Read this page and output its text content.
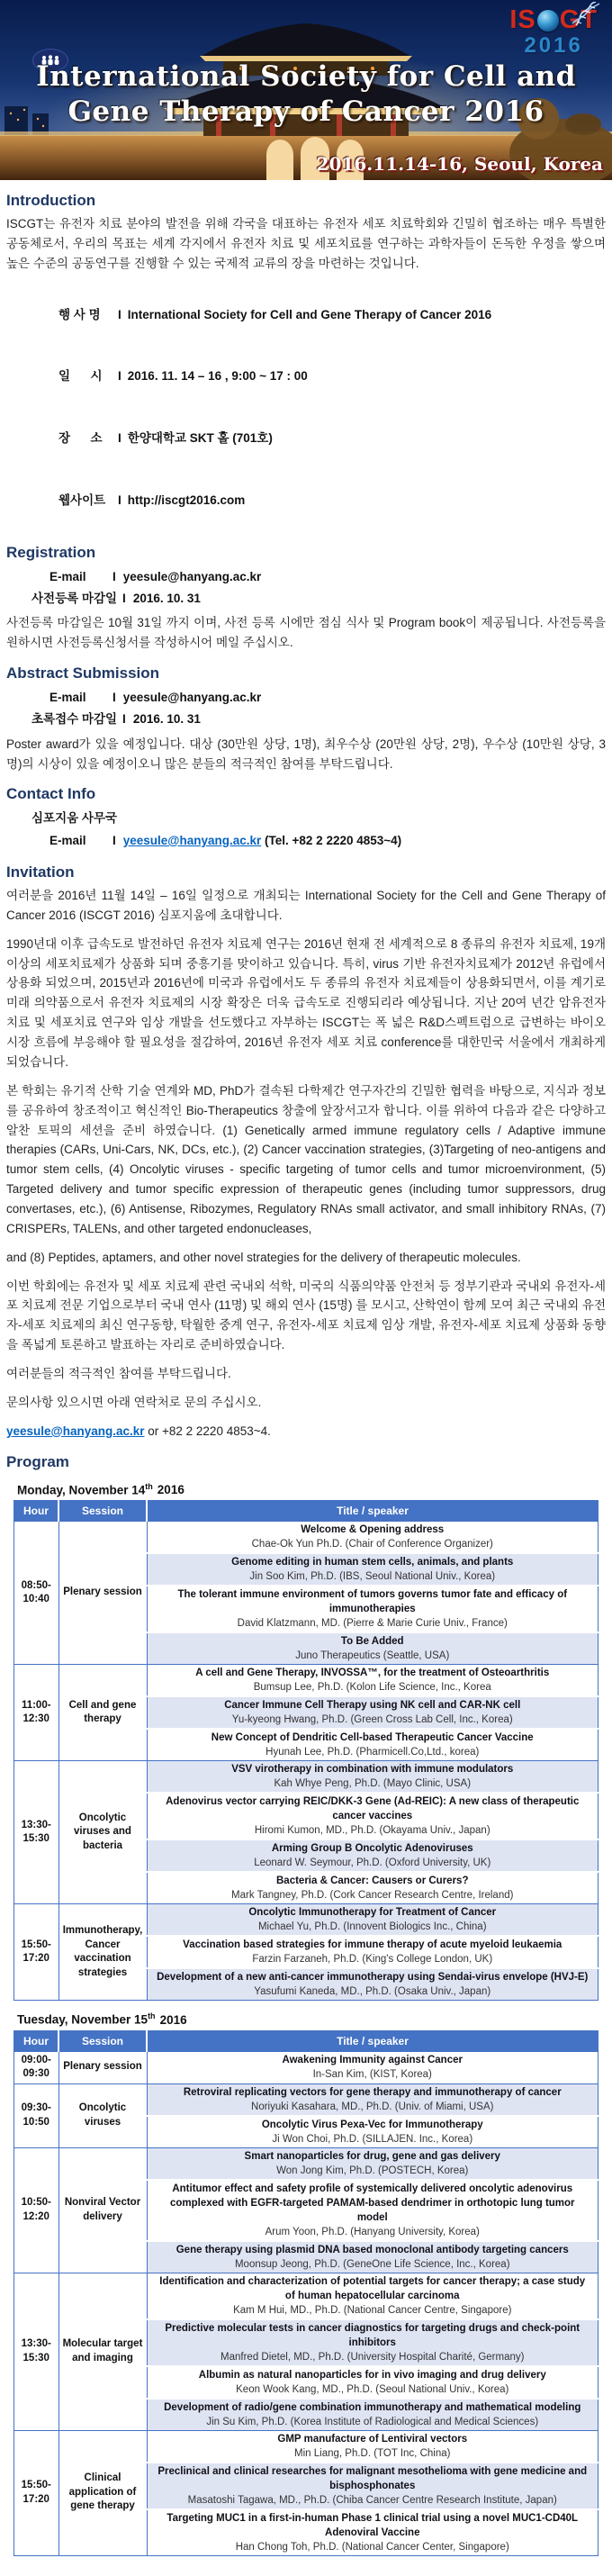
IS GT
2016
International Society for Cell and
Gene Therapy of Cancer 2016
2016.11.14-16, Seoul, Korea
Introduction

ISCGT는 유전자 치료 분야의 발전을 위해 각국을 대표하는 유전자 세포 치료학회와 긴밀히 협조하는 매우 특별한 공동체로서, 우리의 목표는 세계 각지에서 유전자 치료 및 세포치료를 연구하는 과학자들이 돈독한 우정을 쌓으며 높은 수준의 공동연구를 진행할 수 있는 국제적 교류의 장을 마련하는 것입니다.

행 사 명 I International Society for Cell and Gene Therapy of Cancer 2016

일      시 I 2016. 11. 14 – 16 , 9:00 ~ 17 : 00

장      소 I 한양대학교 SKT 홀 (701호)

웹사이트 I http://iscgt2016.com

Registration
E-mail I yeesule@hanyang.ac.kr
사전등록 마감일 I 2016. 10. 31

사전등록 마감일은 10월 31일 까지 이며, 사전 등록 시에만 점심 식사 및 Program book이 제공됩니다. 사전등록을 원하시면 사전등록신청서를 작성하시어 메일 주십시오.

Abstract Submission
E-mail I yeesule@hanyang.ac.kr
초록접수 마감일 I 2016. 10. 31

Poster award가 있을 예정입니다. 대상 (30만원 상당, 1명), 최우수상 (20만원 상당, 2명), 우수상 (10만원 상당, 3명)의 시상이 있을 예정이오니 많은 분들의 적극적인 참여를 부탁드립니다.

Contact Info
심포지움 사무국
E-mail I yeesule@hanyang.ac.kr (Tel. +82 2 2220 4853~4)
Invitation

여러분을 2016년 11월 14일 – 16일 일정으로 개최되는 International Society for the Cell and Gene Therapy of Cancer 2016 (ISCGT 2016) 심포지움에 초대합니다.

1990년대 이후 급속도로 발전하던 유전자 치료제 연구는 2016년 현재 전 세계적으로 8 종류의 유전자 치료제, 19개 이상의 세포치료제가 상품화 되며 중흥기를 맞이하고 있습니다. 특히, virus 기반 유전자치료제가 2012년 유럽에서 상용화 되었으며, 2015년과 2016년에 미국과 유럽에서도 두 종류의 유전자 치료제들이 상용화되면서, 이를 계기로 미래 의약품으로서 유전자 치료제의 시장 확장은 더욱 급속도로 진행되리라 예상됩니다. 지난 20여 년간 암유전자치료 및 세포치료 연구와 임상 개발을 선도했다고 자부하는 ISCGT는 폭 넓은 R&D스펙트럼으로 급변하는 바이오 시장 흐름에 부응해야 할 필요성을 절감하여, 2016년 유전자 세포 치료 conference를 대한민국 서울에서 개최하게 되었습니다.

본 학회는 유기적 산학 기술 연계와 MD, PhD가 결속된 다학제간 연구자간의 긴밀한 협력을 바탕으로, 지식과 정보를 공유하여 창조적이고 혁신적인 Bio-Therapeutics 창출에 앞장서고자 합니다. 이를 위하여 다음과 같은 다양하고 알찬 토픽의 세션을 준비 하였습니다. (1) Genetically armed immune regulatory cells / Adaptive immune therapies (CARs, Uni-Cars, NK, DCs, etc.), (2) Cancer vaccination strategies, (3)Targeting of neo-antigens and tumor stem cells, (4) Oncolytic viruses - specific targeting of tumor cells and tumor microenvironment, (5) Targeted delivery and tumor specific expression of therapeutic genes (including tumor suppressors, drug convertases, etc.), (6) Antisense, Ribozymes, Regulatory RNAs small activator, and small inhibitory RNAs, (7) CRISPERs, TALENs, and other targeted endonucleases,

and (8) Peptides, aptamers, and other novel strategies for the delivery of therapeutic molecules.

이번 학회에는 유전자 및 세포 치료제 관련 국내외 석학, 미국의 식품의약품 안전처 등 정부기관과 국내외 유전자-세포 치료제 전문 기업으로부터 국내 연사 (11명) 및 해외 연사 (15명) 를 모시고, 산학연이 함께 모여 최근 국내외 유전자-세포 치료제의 최신 연구동향, 탁월한 중계 연구, 유전자-세포 치료제 임상 개발, 유전자-세포 치료제 상품화 동향을 폭넓게 토론하고 발표하는 자리로 준비하였습니다.

여러분들의 적극적인 참여를 부탁드립니다.

문의사항 있으시면 아래 연락처로 문의 주십시오.

yeesule@hanyang.ac.kr or +82 2 2220 4853~4.

Program
Monday, November 14th 2016
Hour	Session	Title / speaker
08:50-10:40	Plenary session	Welcome & Opening address
Chae-Ok Yun Ph.D. (Chair of Conference Organizer)

		Genome editing in human stem cells, animals, and plants
Jin Soo Kim, Ph.D. (IBS, Seoul National Univ., Korea)

		The tolerant immune environment of tumors governs tumor fate and efficacy of immunotherapies
David Klatzmann, MD. (Pierre & Marie Curie Univ., France)

		To Be Added
Juno Therapeutics (Seattle, USA)

11:00-12:30	Cell and gene therapy	A cell and Gene Therapy, INVOSSA™, for the treatment of Osteoarthritis
Bumsup Lee, Ph.D. (Kolon Life Science, Inc., Korea

		Cancer Immune Cell Therapy using NK cell and CAR-NK cell
Yu-kyeong Hwang, Ph.D. (Green Cross Lab Cell, Inc., Korea)

		New Concept of Dendritic Cell-based Therapeutic Cancer Vaccine
Hyunah Lee, Ph.D. (Pharmicell.Co,Ltd., korea)

13:30-15:30	Oncolytic viruses and bacteria	VSV virotherapy in combination with immune modulators
Kah Whye Peng, Ph.D. (Mayo Clinic, USA)

		Adenovirus vector carrying REIC/DKK-3 Gene (Ad-REIC): A new class of therapeutic cancer vaccines
Hiromi Kumon, MD., Ph.D. (Okayama Univ., Japan)

		Arming Group B Oncolytic Adenoviruses
Leonard W. Seymour, Ph.D. (Oxford University, UK)

		Bacteria & Cancer: Causers or Curers?
Mark Tangney, Ph.D. (Cork Cancer Research Centre, Ireland)

15:50-17:20	Immunotherapy, Cancer vaccination strategies	Oncolytic Immunotherapy for Treatment of Cancer
Michael Yu, Ph.D. (Innovent Biologics Inc., China)

		Vaccination based strategies for immune therapy of acute myeloid leukaemia
Farzin Farzaneh, Ph.D. (King's College London, UK)

		Development of a new anti-cancer immunotherapy using Sendai-virus envelope (HVJ-E)
Yasufumi Kaneda, MD., Ph.D. (Osaka Univ., Japan)
Tuesday, November 15th 2016
Hour	Session	Title / speaker
09:00-09:30	Plenary session	Awakening Immunity against Cancer
In-San Kim, (KIST, Korea)

09:30-10:50	Oncolytic viruses	Retroviral replicating vectors for gene therapy and immunotherapy of cancer
Noriyuki Kasahara, MD., Ph.D. (Univ. of Miami, USA)

		Oncolytic Virus Pexa-Vec for Immunotherapy
Ji Won Choi, Ph.D. (SILLAJEN. Inc., Korea)

10:50-12:20	Nonviral Vector delivery	Smart nanoparticles for drug, gene and gas delivery
Won Jong Kim, Ph.D. (POSTECH, Korea)

		Antitumor effect and safety profile of systemically delivered oncolytic adenovirus complexed with EGFR-targeted PAMAM-based dendrimer in orthotopic lung tumor model
Arum Yoon, Ph.D. (Hanyang University, Korea)

		Gene therapy using plasmid DNA based monoclonal antibody targeting cancers
Moonsup Jeong, Ph.D. (GeneOne Life Science, Inc., Korea)

13:30-15:30	Molecular target and imaging	Identification and characterization of potential targets for cancer therapy; a case study of human hepatocellular carcinoma
Kam M Hui, MD., Ph.D. (National Cancer Centre, Singapore)

		Predictive molecular tests in cancer diagnostics for targeting drugs and check-point inhibitors
Manfred Dietel, MD., Ph.D. (University Hospital Charité, Germany)

		Albumin as natural nanoparticles for in vivo imaging and drug delivery
Keon Wook Kang, MD., Ph.D. (Seoul National Univ., Korea)

		Development of radio/gene combination immunotherapy and mathematical modeling
Jin Su Kim, Ph.D. (Korea Institute of Radiological and Medical Sciences)

15:50-17:20	Clinical application of gene therapy	GMP manufacture of Lentiviral vectors
Min Liang, Ph.D. (TOT Inc, China)

		Preclinical and clinical researches for malignant mesothelioma with gene medicine and bisphosphonates
Masatoshi Tagawa, MD., Ph.D. (Chiba Cancer Centre Research Institute, Japan)

		Targeting MUC1 in a first-in-human Phase 1 clinical trial using a novel MUC1-CD40L Adenoviral Vaccine
Han Chong Toh, Ph.D. (National Cancer Center, Singapore)
